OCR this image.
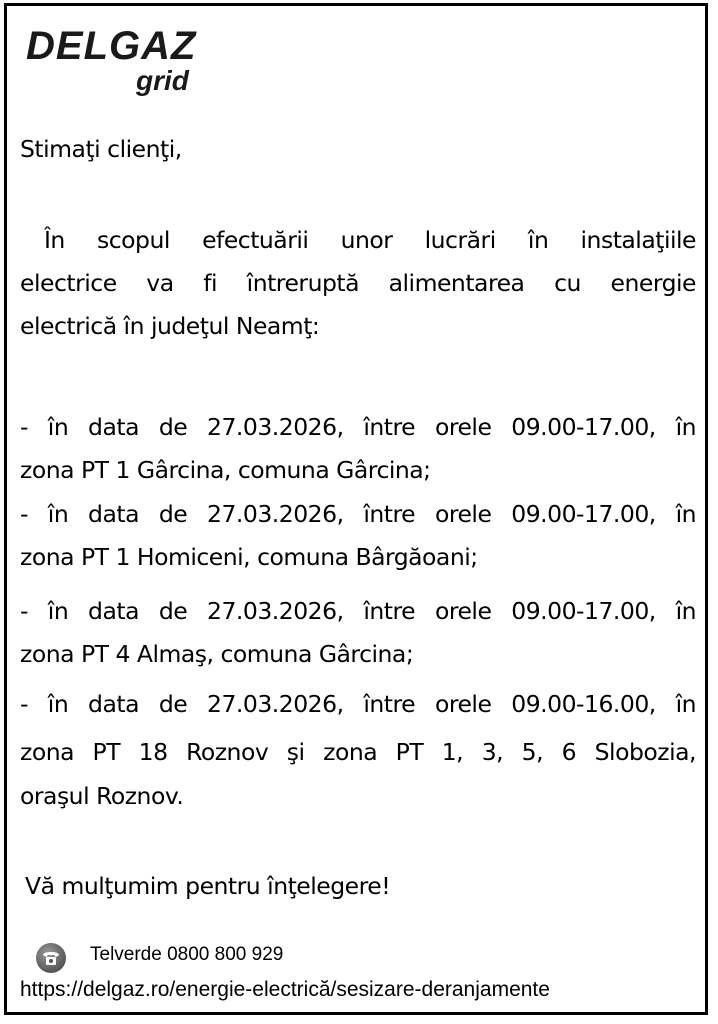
DELGAZ
grid
Stimaţi clienţi,
În scopul efectuării unor lucrări în instalaţiile
electrice va fi întreruptă alimentarea cu energie
electrică în judeţul Neamţ:
- în data de 27.03.2026, între orele 09.00-17.00, în
zona PT 1 Gârcina, comuna Gârcina;
- în data de 27.03.2026, între orele 09.00-17.00, în
zona PT 1 Homiceni, comuna Bârgăoani;
- în data de 27.03.2026, între orele 09.00-17.00, în
zona PT 4 Almaş, comuna Gârcina;
- în data de 27.03.2026, între orele 09.00-16.00, în
zona PT 18 Roznov şi zona PT 1, 3, 5, 6 Slobozia,
oraşul Roznov.
Vă mulţumim pentru înţelegere!
Telverde 0800 800 929
https://delgaz.ro/energie-electrică/sesizare-deranjamente
